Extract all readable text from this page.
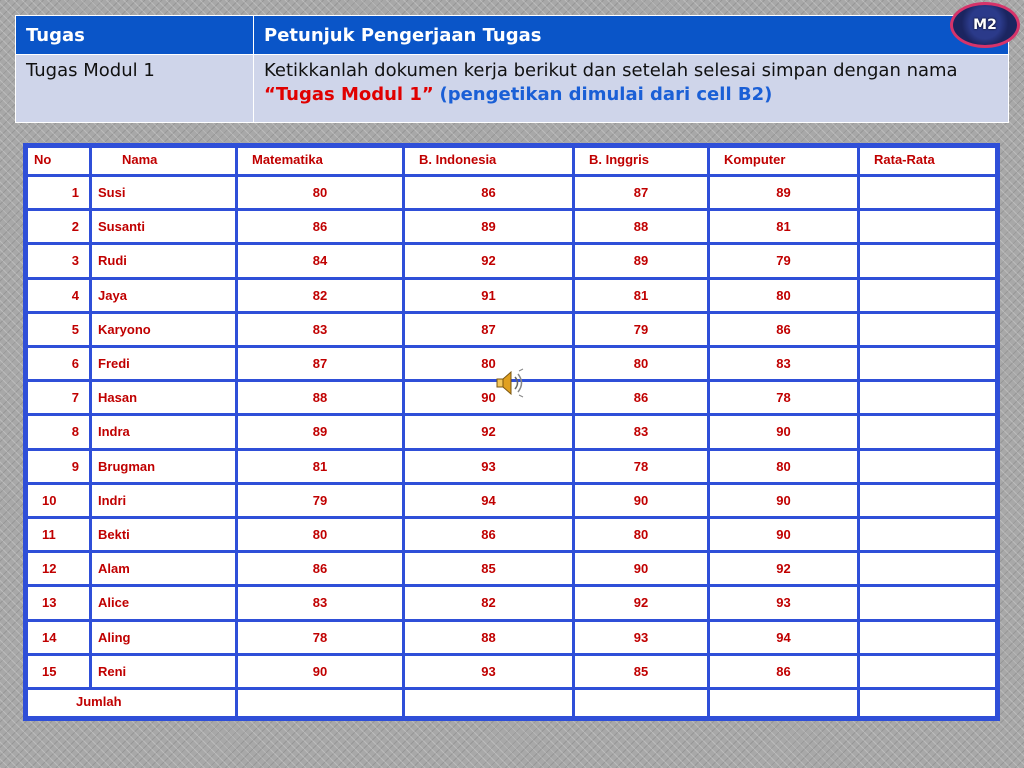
Tugas	Petunjuk Pengerjaan Tugas
Tugas Modul 1	Ketikkanlah dokumen kerja berikut dan setelah selesai simpan dengan nama “Tugas Modul 1” (pengetikan dimulai dari cell B2)
M2
No	Nama	Matematika	B. Indonesia	B. Inggris	Komputer	Rata-Rata
1	Susi	80	86	87	89	
2	Susanti	86	89	88	81	
3	Rudi	84	92	89	79	
4	Jaya	82	91	81	80	
5	Karyono	83	87	79	86	
6	Fredi	87	80	80	83	
7	Hasan	88	90	86	78	
8	Indra	89	92	83	90	
9	Brugman	81	93	78	80	
10	Indri	79	94	90	90	
11	Bekti	80	86	80	90	
12	Alam	86	85	90	92	
13	Alice	83	82	92	93	
14	Aling	78	88	93	94	
15	Reni	90	93	85	86	
Jumlah						
